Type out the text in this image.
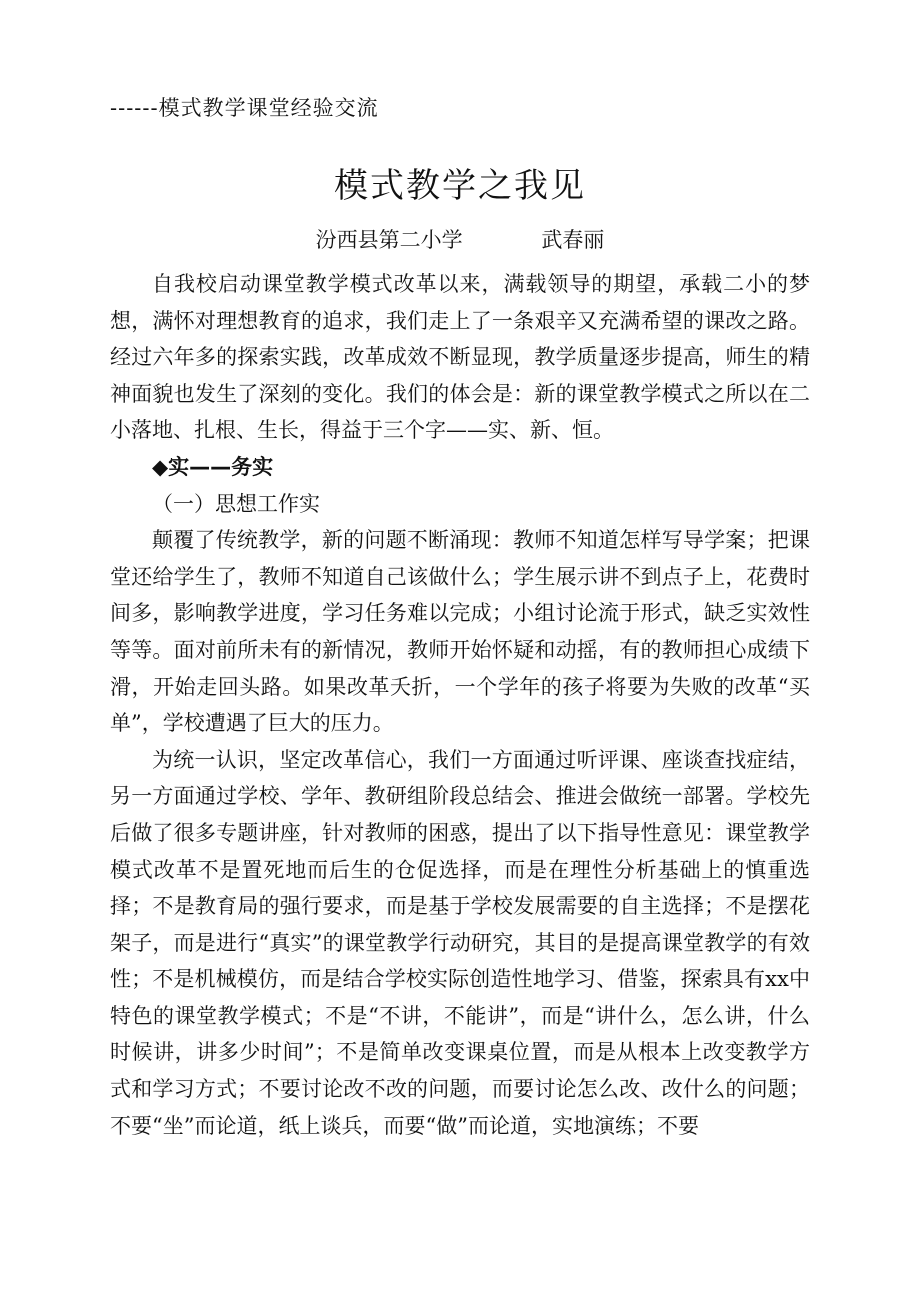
------模式教学课堂经验交流
模式教学之我见
汾西县第二小学	武春丽

自我校启动课堂教学模式改革以来，满载领导的期望，承载二小的梦想，满怀对理想教育的追求，我们走上了一条艰辛又充满希望的课改之路。经过六年多的探索实践，改革成效不断显现，教学质量逐步提高，师生的精神面貌也发生了深刻的变化。我们的体会是：新的课堂教学模式之所以在二小落地、扎根、生长，得益于三个字——实、新、恒。

◆实——务实

（一）思想工作实

颠覆了传统教学，新的问题不断涌现：教师不知道怎样写导学案；把课堂还给学生了，教师不知道自己该做什么；学生展示讲不到点子上，花费时间多，影响教学进度，学习任务难以完成；小组讨论流于形式，缺乏实效性等等。面对前所未有的新情况，教师开始怀疑和动摇，有的教师担心成绩下滑，开始走回头路。如果改革夭折，一个学年的孩子将要为失败的改革“买单”，学校遭遇了巨大的压力。

为统一认识，坚定改革信心，我们一方面通过听评课、座谈查找症结，另一方面通过学校、学年、教研组阶段总结会、推进会做统一部署。学校先后做了很多专题讲座，针对教师的困惑，提出了以下指导性意见：课堂教学模式改革不是置死地而后生的仓促选择，而是在理性分析基础上的慎重选择；不是教育局的强行要求，而是基于学校发展需要的自主选择；不是摆花架子，而是进行“真实”的课堂教学行动研究，其目的是提高课堂教学的有效性；不是机械模仿，而是结合学校实际创造性地学习、借鉴，探索具有xx中特色的课堂教学模式；不是“不讲，不能讲”，而是“讲什么，怎么讲，什么时候讲，讲多少时间”；不是简单改变课桌位置，而是从根本上改变教学方式和学习方式；不要讨论改不改的问题，而要讨论怎么改、改什么的问题；不要“坐”而论道，纸上谈兵，而要“做”而论道，实地演练；不要
